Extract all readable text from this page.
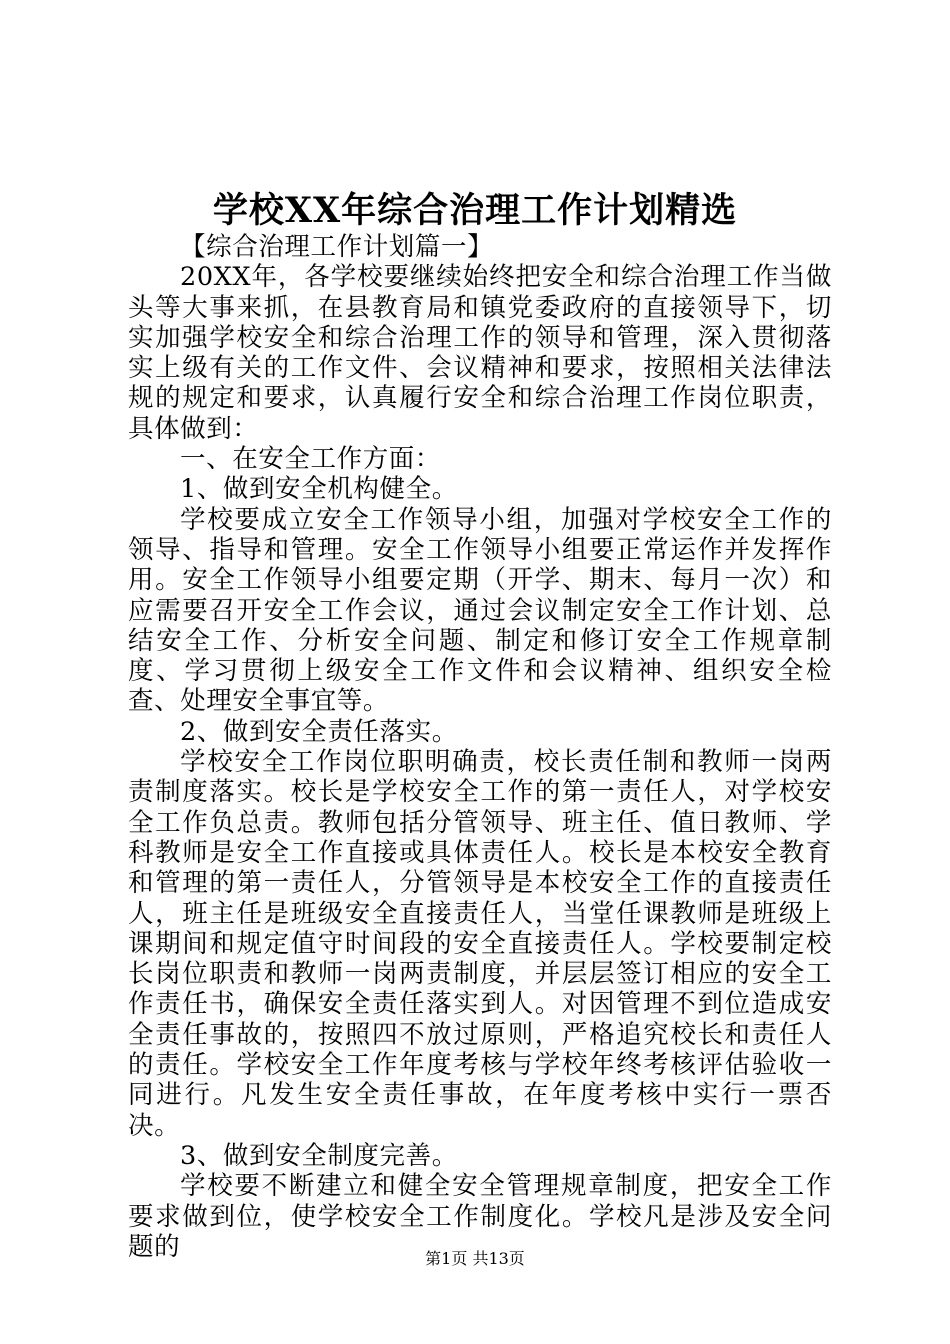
学校XX年综合治理工作计划精选

【综合治理工作计划篇一】

20XX年，各学校要继续始终把安全和综合治理工作当做头等大事来抓，在县教育局和镇党委政府的直接领导下，切实加强学校安全和综合治理工作的领导和管理，深入贯彻落实上级有关的工作文件、会议精神和要求，按照相关法律法规的规定和要求，认真履行安全和综合治理工作岗位职责，具体做到：

一、在安全工作方面：

1、做到安全机构健全。

学校要成立安全工作领导小组，加强对学校安全工作的领导、指导和管理。安全工作领导小组要正常运作并发挥作用。安全工作领导小组要定期（开学、期末、每月一次）和应需要召开安全工作会议，通过会议制定安全工作计划、总结安全工作、分析安全问题、制定和修订安全工作规章制度、学习贯彻上级安全工作文件和会议精神、组织安全检查、处理安全事宜等。

2、做到安全责任落实。

学校安全工作岗位职明确责，校长责任制和教师一岗两责制度落实。校长是学校安全工作的第一责任人，对学校安全工作负总责。教师包括分管领导、班主任、值日教师、学科教师是安全工作直接或具体责任人。校长是本校安全教育和管理的第一责任人，分管领导是本校安全工作的直接责任人，班主任是班级安全直接责任人，当堂任课教师是班级上课期间和规定值守时间段的安全直接责任人。学校要制定校长岗位职责和教师一岗两责制度，并层层签订相应的安全工作责任书，确保安全责任落实到人。对因管理不到位造成安全责任事故的，按照四不放过原则，严格追究校长和责任人的责任。学校安全工作年度考核与学校年终考核评估验收一同进行。凡发生安全责任事故，在年度考核中实行一票否决。

3、做到安全制度完善。

学校要不断建立和健全安全管理规章制度，把安全工作要求做到位，使学校安全工作制度化。学校凡是涉及安全问题的	第1页 共13页
